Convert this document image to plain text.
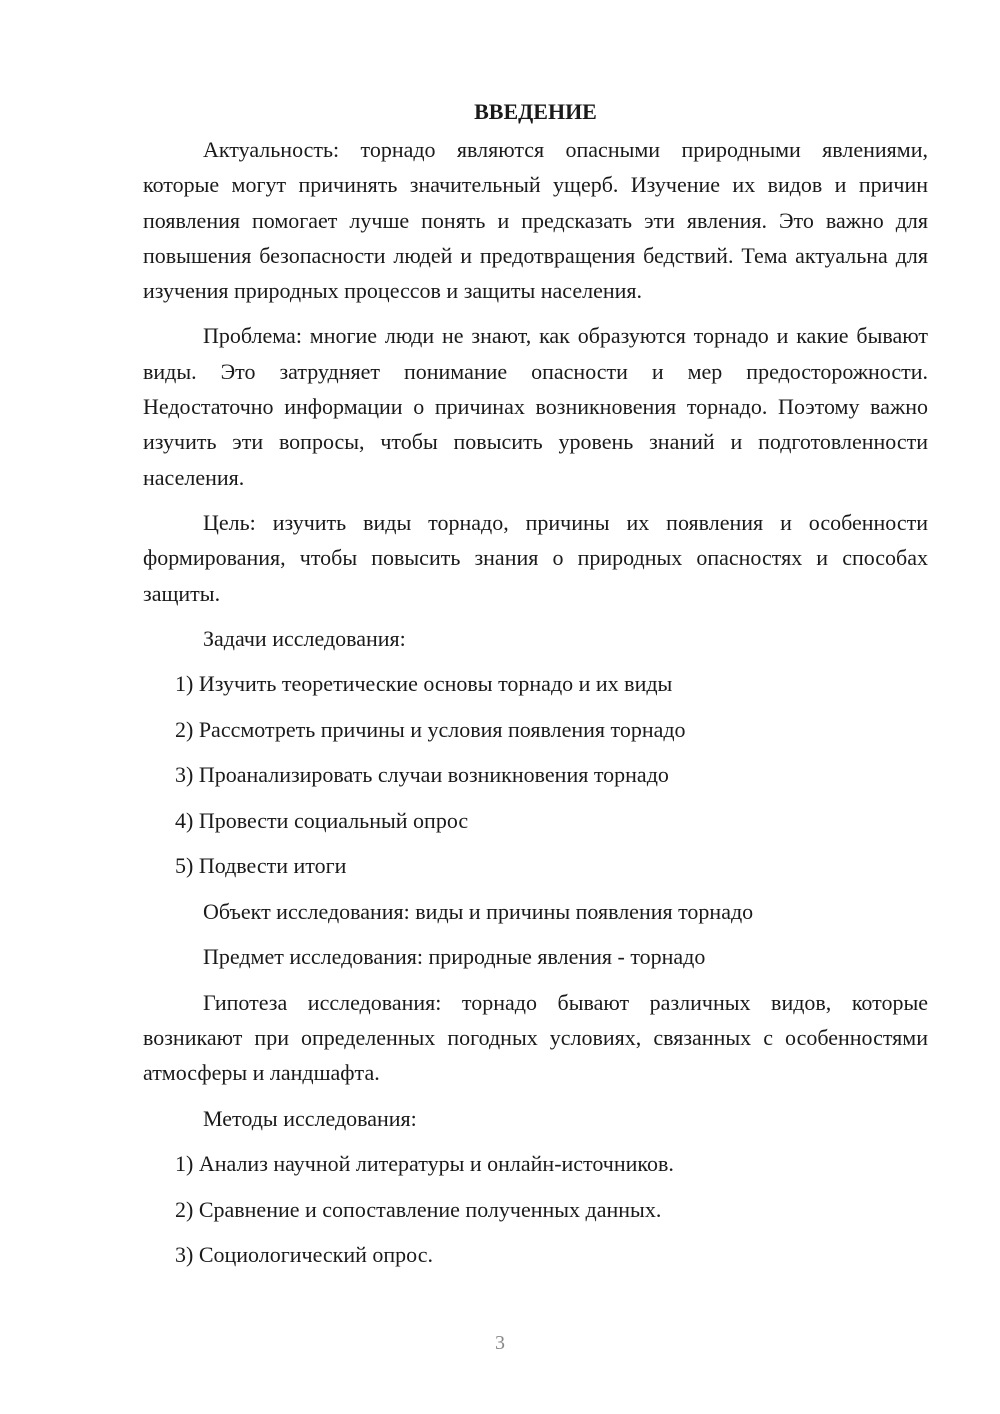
ВВЕДЕНИЕ

Актуальность: торнадо являются опасными природными явлениями, которые могут причинять значительный ущерб. Изучение их видов и причин появления помогает лучше понять и предсказать эти явления. Это важно для повышения безопасности людей и предотвращения бедствий. Тема актуальна для изучения природных процессов и защиты населения.

Проблема: многие люди не знают, как образуются торнадо и какие бывают виды. Это затрудняет понимание опасности и мер предосторожности. Недостаточно информации о причинах возникновения торнадо. Поэтому важно изучить эти вопросы, чтобы повысить уровень знаний и подготовленности населения.

Цель: изучить виды торнадо, причины их появления и особенности формирования, чтобы повысить знания о природных опасностях и способах защиты.

Задачи исследования:
1) Изучить теоретические основы торнадо и их виды
2) Рассмотреть причины и условия появления торнадо
3) Проанализировать случаи возникновения торнадо
4) Провести социальный опрос
5) Подвести итоги
Объект исследования: виды и причины появления торнадо
Предмет исследования: природные явления - торнадо

Гипотеза исследования: торнадо бывают различных видов, которые возникают при определенных погодных условиях, связанных с особенностями атмосферы и ландшафта.

Методы исследования:
1) Анализ научной литературы и онлайн-источников.
2) Сравнение и сопоставление полученных данных.
3) Социологический опрос.
3
